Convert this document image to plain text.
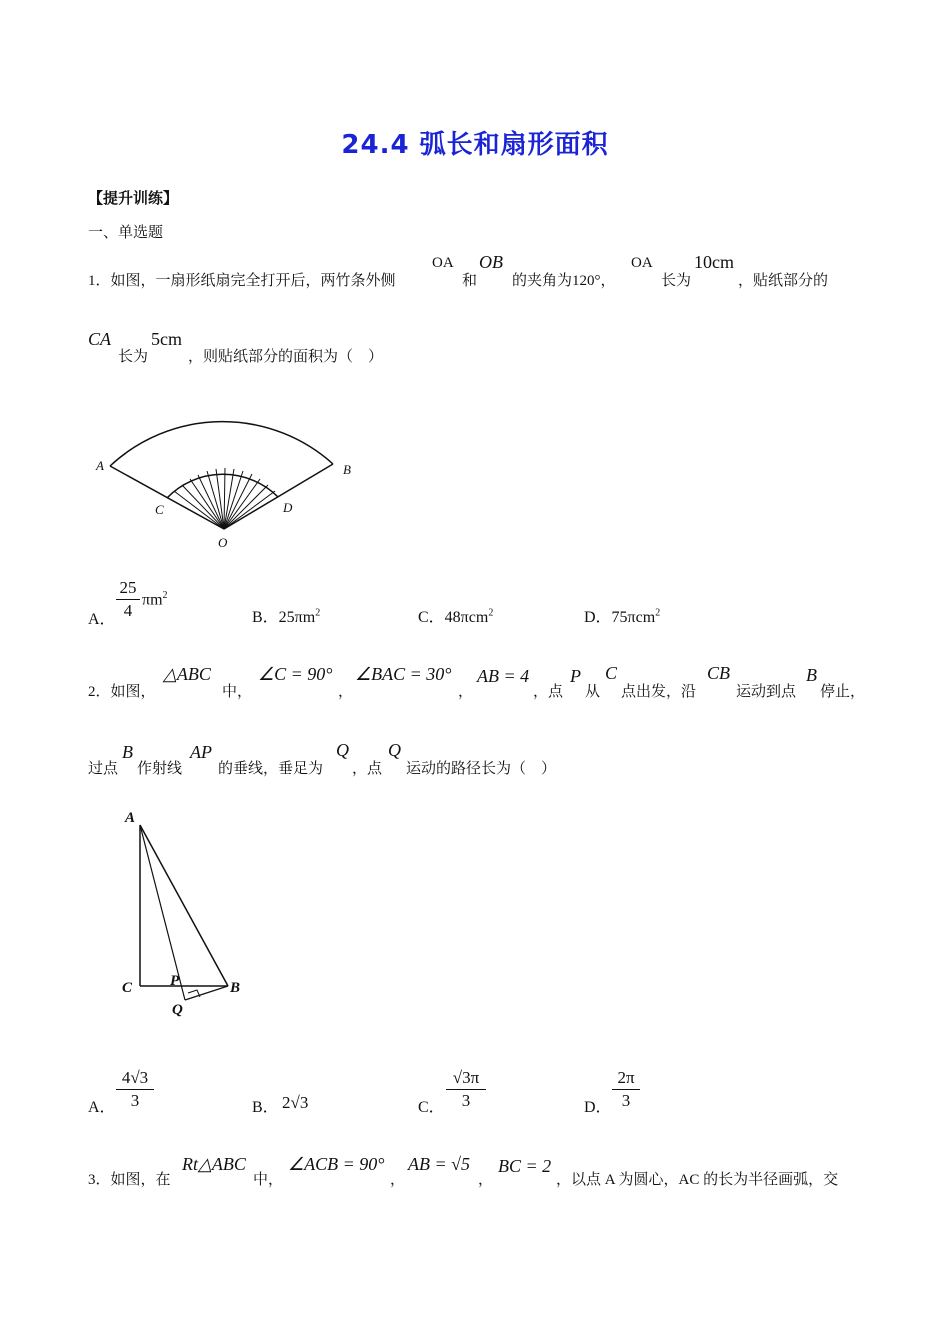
24.4 弧长和扇形面积
【提升训练】
一、单选题
1．如图，一扇形纸扇完全打开后，两竹条外侧
OA
和
OB
的夹角为120°，
OA
长为
10cm
，贴纸部分的
CA
长为
5cm
，则贴纸部分的面积为（　）
A	B
C	D
O
A．
25
4
$\pi m^2$
B．$25\pi m^2$	C．48πcm$^2$	D．75πcm$^2$
2．如图，
△ABC
中，
∠C = 90°
，
∠BAC = 30°
，
AB = 4
，点
P
从
C
点出发，沿
CB
运动到点
B
停止，
过点
B
作射线
AP
的垂线，垂足为
Q
，点
Q
运动的路径长为（　）
A
C	P	B
Q
A．
4√3
3	B． 2√3	C．
√3π
3	D．
2π
3
3．如图，在
Rt△ABC
中，
∠ACB = 90°
，
AB = √5
，
BC = 2
，以点 A 为圆心，AC 的长为半径画弧，交
